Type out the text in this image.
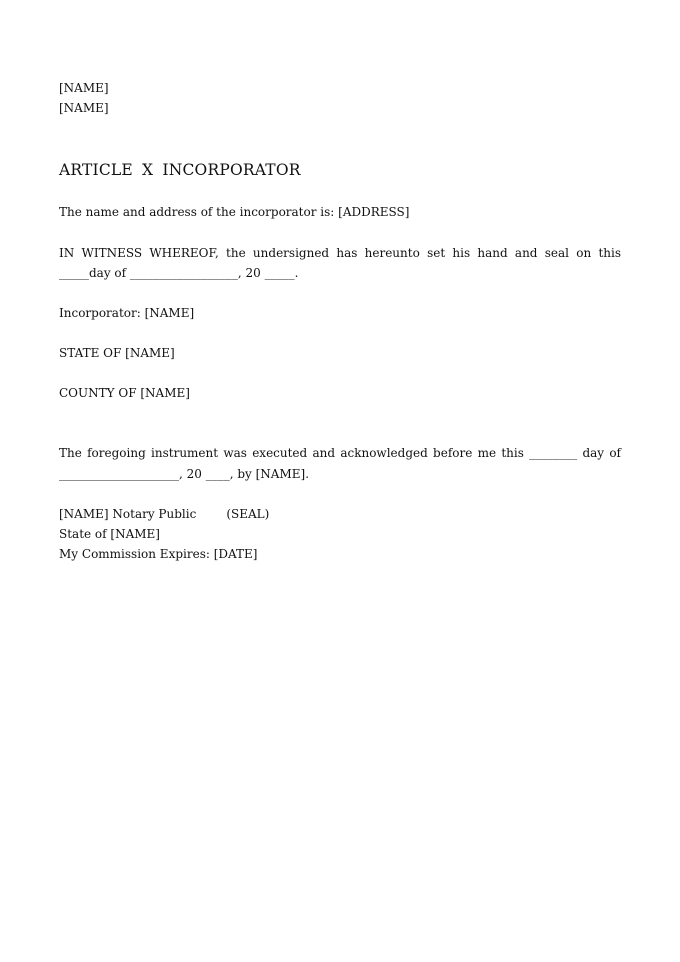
[NAME]
[NAME]
ARTICLE X INCORPORATOR
The name and address of the incorporator is: [ADDRESS]
IN WITNESS WHEREOF, the undersigned has hereunto set his hand and seal on this
_____day of __________________, 20 _____.
Incorporator: [NAME]
STATE OF [NAME]
COUNTY OF [NAME]
The foregoing instrument was executed and acknowledged before me this ________ day of
____________________, 20 ____, by [NAME].
[NAME] Notary Public	(SEAL)
State of [NAME]
My Commission Expires: [DATE]
